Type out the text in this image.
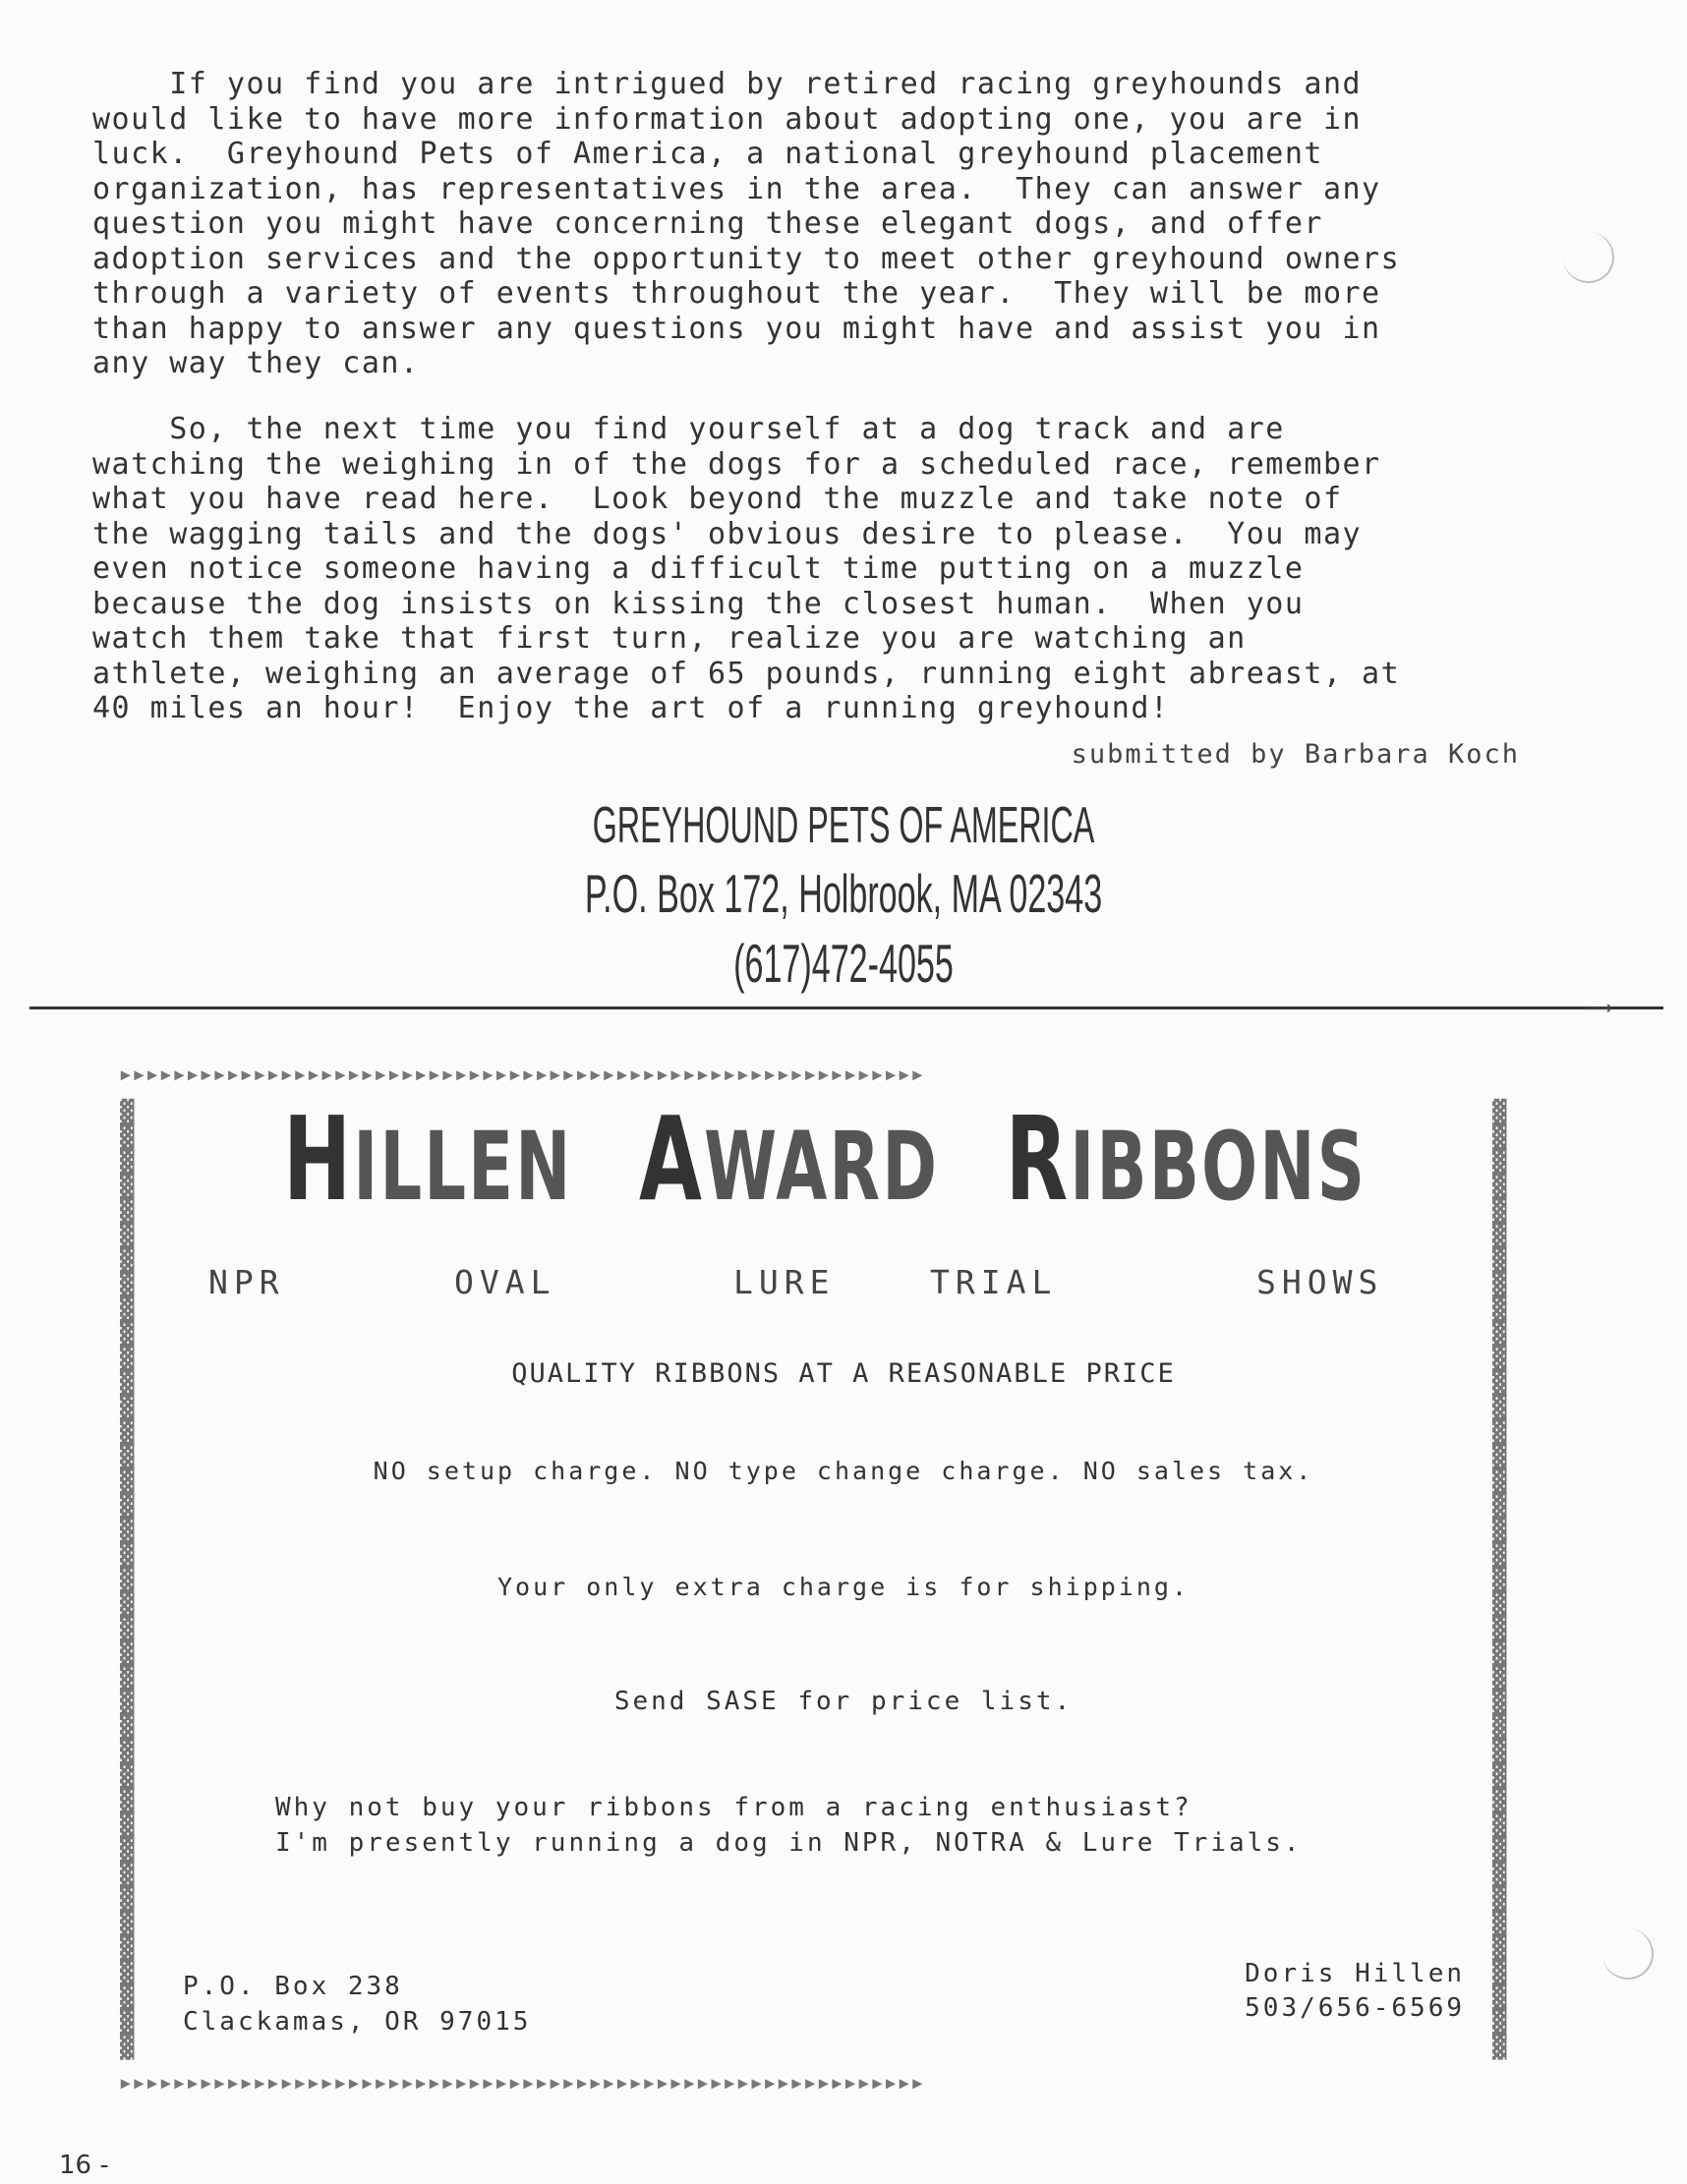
If you find you are intrigued by retired racing greyhounds and
would like to have more information about adopting one, you are in
luck.  Greyhound Pets of America, a national greyhound placement
organization, has representatives in the area.  They can answer any
question you might have concerning these elegant dogs, and offer
adoption services and the opportunity to meet other greyhound owners
through a variety of events throughout the year.  They will be more
than happy to answer any questions you might have and assist you in
any way they can.
So, the next time you find yourself at a dog track and are
watching the weighing in of the dogs for a scheduled race, remember
what you have read here.  Look beyond the muzzle and take note of
the wagging tails and the dogs' obvious desire to please.  You may
even notice someone having a difficult time putting on a muzzle
because the dog insists on kissing the closest human.  When you
watch them take that first turn, realize you are watching an
athlete, weighing an average of 65 pounds, running eight abreast, at
40 miles an hour!  Enjoy the art of a running greyhound!
submitted by Barbara Koch
GREYHOUND PETS OF AMERICA
P.O. Box 172, Holbrook, MA 02343
(617)472-4055
⟿
▸▸▸▸▸▸▸▸▸▸▸▸▸▸▸▸▸▸▸▸▸▸▸▸▸▸▸▸▸▸▸▸▸▸▸▸▸▸▸▸▸▸▸▸▸▸▸▸▸▸▸▸▸▸▸▸▸▸▸▸
▸▸▸▸▸▸▸▸▸▸▸▸▸▸▸▸▸▸▸▸▸▸▸▸▸▸▸▸▸▸▸▸▸▸▸▸▸▸▸▸▸▸▸▸▸▸▸▸▸▸▸▸▸▸▸▸▸▸▸▸
▓
▓
▓
▓
▓
▓
▓
▓
▓
▓
▓
▓
▓
▓
▓
▓
▓
▓
▓
▓
▓
▓
▓
▓
▓
▓
▓
▓
▓
▓
▓
▓
▓
▓
▓
▓
▓
▓
▓
▓
▓
▓
▓
▓
▓
▓
▓
▓
▓
▓
▓
▓
▓
▓
▓
▓
▓
▓
▓
▓
▓
▓
▓
▓
▓
▓
▓
▓
▓
▓
▓
▓
▓
▓
▓
▓
▓
▓
HILLEN AWARD RIBBONS
NPR	OVAL	LURE	TRIAL	SHOWS
QUALITY RIBBONS AT A REASONABLE PRICE
NO setup charge. NO type change charge. NO sales tax.
Your only extra charge is for shipping.
Send SASE for price list.
Why not buy your ribbons from a racing enthusiast?
I'm presently running a dog in NPR, NOTRA & Lure Trials.
P.O. Box 238
Clackamas, OR 97015
Doris Hillen
503/656-6569
16 -
